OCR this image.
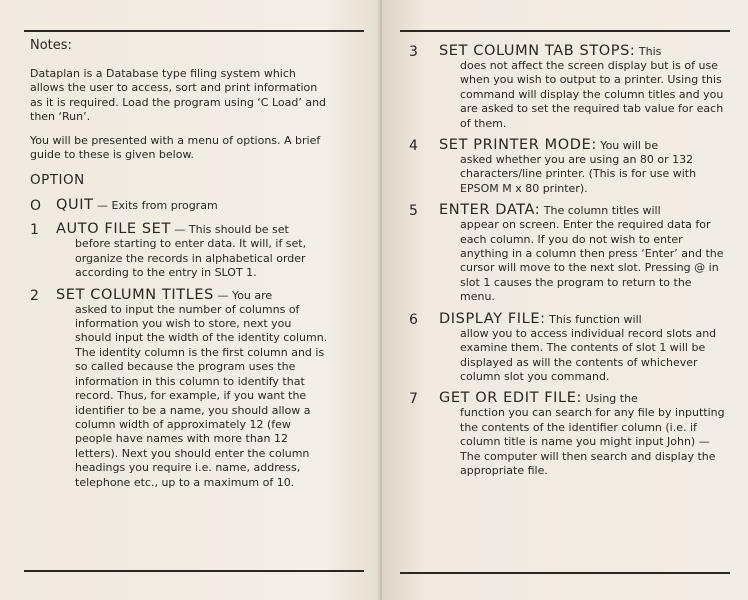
Notes:

Dataplan is a Database type filing system which allows the user to access, sort and print information as it is required. Load the program using ‘C Load’ and then ‘Run’.

You will be presented with a menu of options. A brief guide to these is given below.

OPTION
O	QUIT — Exits from program
1	AUTO FILE SET — This should be set
before starting to enter data. It will, if set, organize the records in alphabetical order according to the entry in SLOT 1.
2	SET COLUMN TITLES — You are
asked to input the number of columns of information you wish to store, next you should input the width of the identity column. The identity column is the first column and is so called because the program uses the information in this column to identify that record. Thus, for example, if you want the identifier to be a name, you should allow a column width of approximately 12 (few people have names with more than 12 letters). Next you should enter the column headings you require i.e. name, address, telephone etc., up to a maximum of 10.
3	SET COLUMN TAB STOPS: This
does not affect the screen display but is of use when you wish to output to a printer. Using this command will display the column titles and you are asked to set the required tab value for each of them.
4	SET PRINTER MODE: You will be
asked whether you are using an 80 or 132 characters/line printer. (This is for use with EPSOM M x 80 printer).
5	ENTER DATA: The column titles will
appear on screen. Enter the required data for each column. If you do not wish to enter anything in a column then press ‘Enter’ and the cursor will move to the next slot. Pressing @ in slot 1 causes the program to return to the menu.
6	DISPLAY FILE: This function will
allow you to access individual record slots and examine them. The contents of slot 1 will be displayed as will the contents of whichever column slot you command.
7	GET OR EDIT FILE: Using the
function you can search for any file by inputting the contents of the identifier column (i.e. if column title is name you might input John) — The computer will then search and display the appropriate file.
